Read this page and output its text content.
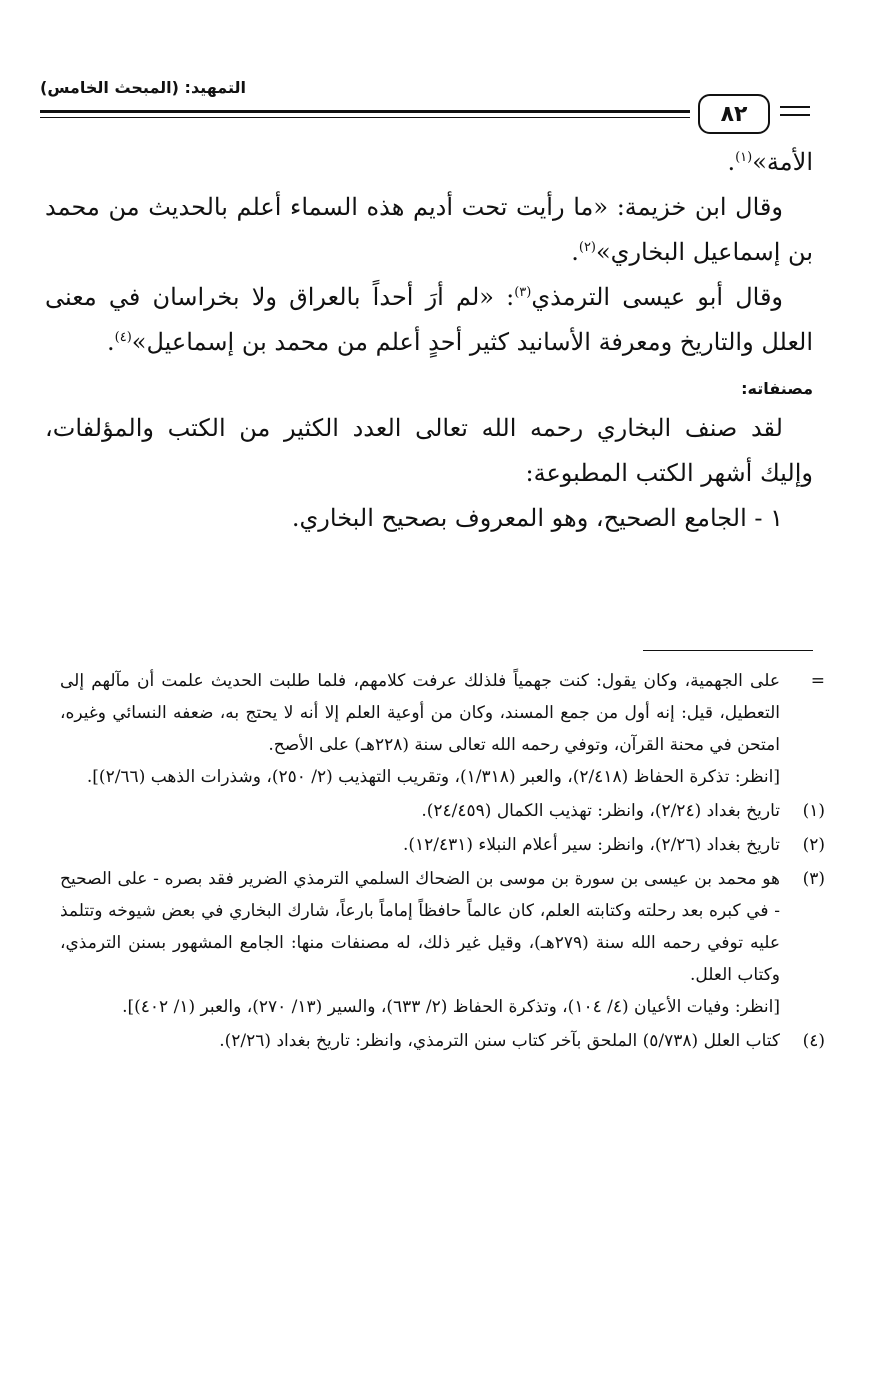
التمهيد: (المبحث الخامس)
٨٢

الأمة»$^{(١)}$.

وقال ابن خزيمة: «ما رأيت تحت أديم هذه السماء أعلم بالحديث من محمد بن إسماعيل البخاري»$^{(٢)}$.

وقال أبو عيسى الترمذي$^{(٣)}$: «لم أرَ أحداً بالعراق ولا بخراسان في معنى العلل والتاريخ ومعرفة الأسانيد كثير أحدٍ أعلم من محمد بن إسماعيل»$^{(٤)}$.

مصنفاته:

لقد صنف البخاري رحمه الله تعالى العدد الكثير من الكتب والمؤلفات، وإليك أشهر الكتب المطبوعة:

١ - الجامع الصحيح، وهو المعروف بصحيح البخاري.

=

على الجهمية، وكان يقول: كنت جهمياً فلذلك عرفت كلامهم، فلما طلبت الحديث علمت أن مآلهم إلى التعطيل، قيل: إنه أول من جمع المسند، وكان من أوعية العلم إلا أنه لا يحتج به، ضعفه النسائي وغيره، امتحن في محنة القرآن، وتوفي رحمه الله تعالى سنة (٢٢٨هـ) على الأصح.

[انظر: تذكرة الحفاظ (٢/٤١٨)، والعبر (١/٣١٨)، وتقريب التهذيب (٢/ ٢٥٠)، وشذرات الذهب (٢/٦٦)].

(١)

تاريخ بغداد (٢/٢٤)، وانظر: تهذيب الكمال (٢٤/٤٥٩).

(٢)

تاريخ بغداد (٢/٢٦)، وانظر: سير أعلام النبلاء (١٢/٤٣١).

(٣)

هو محمد بن عيسى بن سورة بن موسى بن الضحاك السلمي الترمذي الضرير فقد بصره - على الصحيح - في كبره بعد رحلته وكتابته العلم، كان عالماً حافظاً إماماً بارعاً، شارك البخاري في بعض شيوخه وتتلمذ عليه توفي رحمه الله سنة (٢٧٩هـ)، وقيل غير ذلك، له مصنفات منها: الجامع المشهور بسنن الترمذي، وكتاب العلل.

[انظر: وفيات الأعيان (٤/ ١٠٤)، وتذكرة الحفاظ (٢/ ٦٣٣)، والسير (١٣/ ٢٧٠)، والعبر (١/ ٤٠٢)].

(٤)

كتاب العلل (٥/٧٣٨) الملحق بآخر كتاب سنن الترمذي، وانظر: تاريخ بغداد (٢/٢٦).
